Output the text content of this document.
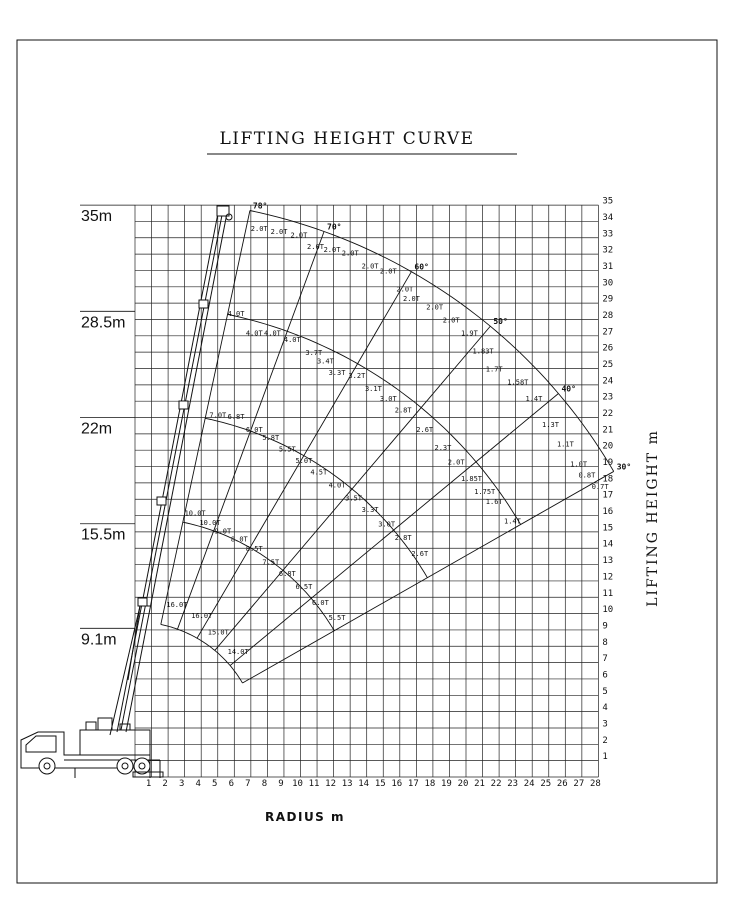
LIFTING HEIGHT CURVE
LIFTING HEIGHT m
RADIUS m
1 2 3 4 5 6 7 8 9 10 11 12 13 14 15 16 17 18 19 20 21 22 23 24 25 26 27 28
1
2
3
4
5
6
7
8
9
10
11
12
13
14
15
16
17
18
19
20
21
22
23
24
25
26
27
28
29
30
31
32
33
34
35
35m
28.5m
22m
15.5m
9.1m
78°
70°
60°
50°
40°
30°
2.0T 2.0T 2.0T
2.0T 2.0T 2.0T
2.0T
2.0T
2.0T
2.0T
2.0T
2.0T
1.9T
1.83T
1.7T
1.58T
1.4T
1.3T
1.1T
1.0T
0.8T
0.7T
4.0T
4.0T 4.0T
4.0T
3.7T
3.4T
3.3T 3.2T
3.1T
3.0T
2.8T
2.6T
2.3T
2.0T
1.85T
1.75T
1.6T
1.4T
7.0T 6.8T
6.0T
5.8T
5.5T
5.0T
4.5T
4.0T
3.5T
3.3T
3.0T
2.8T
2.6T
10.0T
10.0T
9.0T
8.0T
8.5T
7.5T
6.8T
6.5T
6.0T
5.5T
16.0T
16.0T
15.0T
14.0T
